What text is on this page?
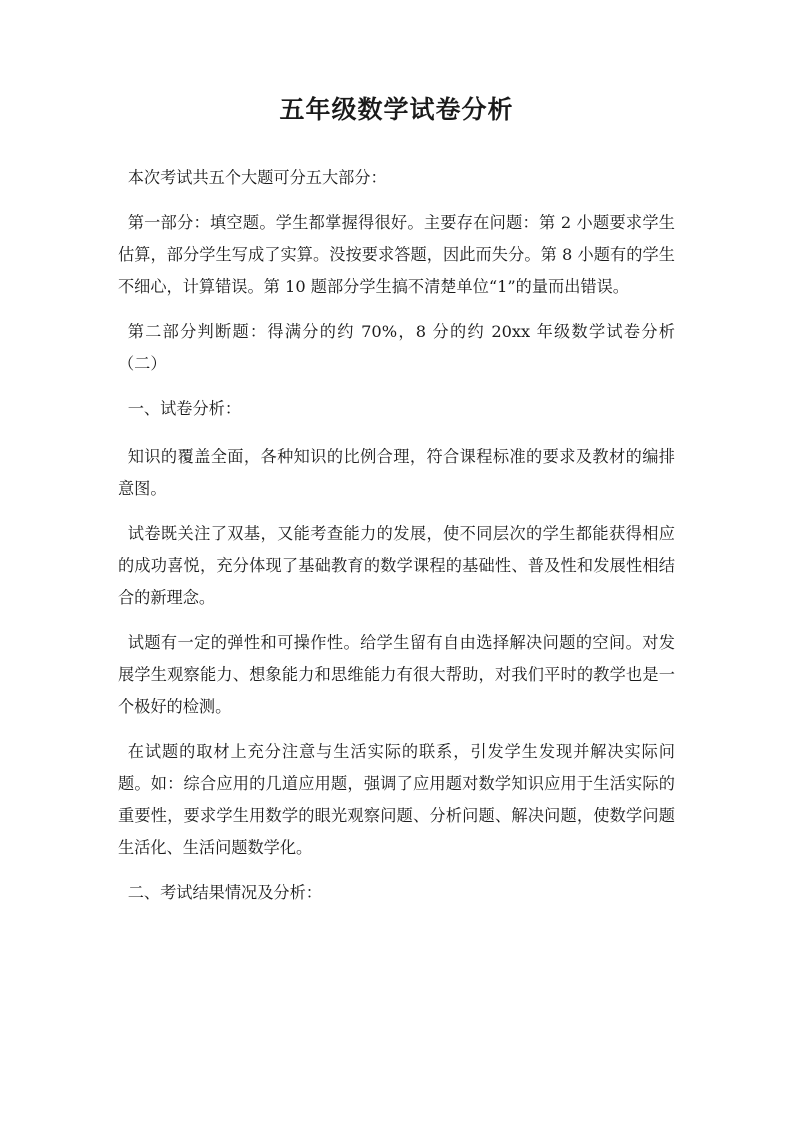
五年级数学试卷分析

本次考试共五个大题可分五大部分：

第一部分：填空题。学生都掌握得很好。主要存在问题：第 2 小题要求学生估算，部分学生写成了实算。没按要求答题，因此而失分。第 8 小题有的学生不细心，计算错误。第 10 题部分学生搞不清楚单位“1”的量而出错误。

第二部分判断题：得满分的约 70%，8 分的约 20xx 年级数学试卷分析（二）

一、试卷分析：

知识的覆盖全面，各种知识的比例合理，符合课程标准的要求及教材的编排意图。

试卷既关注了双基，又能考查能力的发展，使不同层次的学生都能获得相应的成功喜悦，充分体现了基础教育的数学课程的基础性、普及性和发展性相结合的新理念。

试题有一定的弹性和可操作性。给学生留有自由选择解决问题的空间。对发展学生观察能力、想象能力和思维能力有很大帮助，对我们平时的教学也是一个极好的检测。

在试题的取材上充分注意与生活实际的联系，引发学生发现并解决实际问题。如：综合应用的几道应用题，强调了应用题对数学知识应用于生活实际的重要性，要求学生用数学的眼光观察问题、分析问题、解决问题，使数学问题生活化、生活问题数学化。

二、考试结果情况及分析：
